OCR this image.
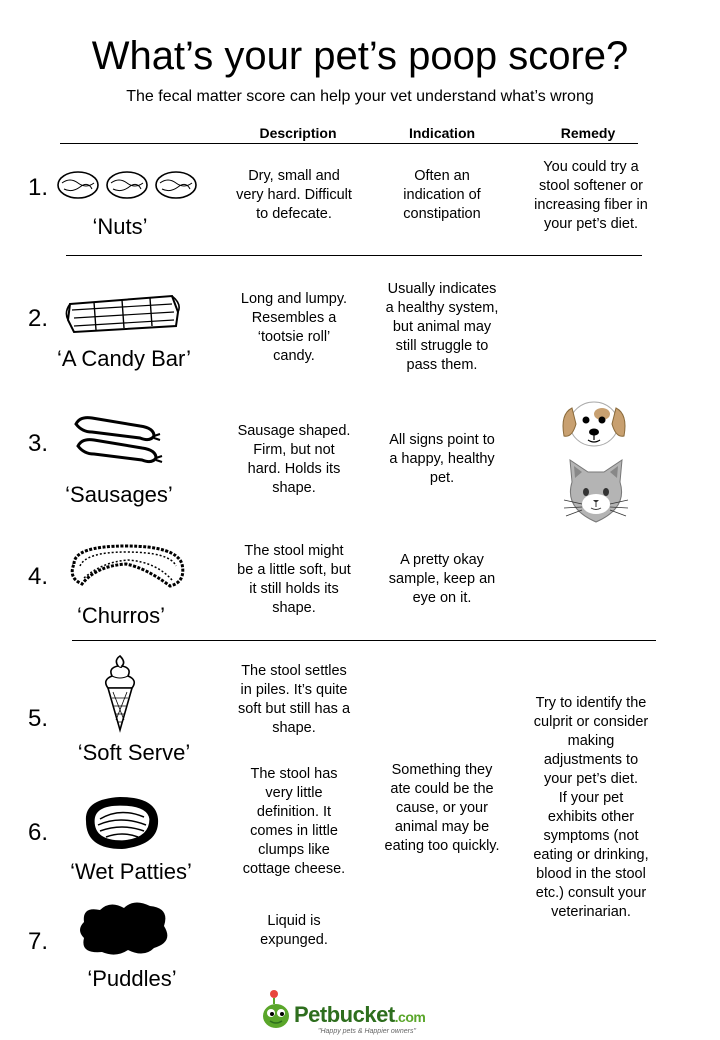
What’s your pet’s poop score?
The fecal matter score can help your vet understand what’s wrong
Description	Indication	Remedy
1.
‘Nuts’
Dry, small and
very hard. Difficult
to defecate.
Often an
indication of
constipation
You could try a
stool softener or
increasing fiber in
your pet’s diet.
2.
‘A Candy Bar’
Long and lumpy.
Resembles a
‘tootsie roll’
candy.
Usually indicates
a healthy system,
but animal may
still struggle to
pass them.
3.
‘Sausages’
Sausage shaped.
Firm, but not
hard. Holds its
shape.
All signs point to
a happy, healthy
pet.
4.
‘Churros’
The stool might
be a little soft, but
it still holds its
shape.
A pretty okay
sample, keep an
eye on it.
5.
‘Soft Serve’
The stool settles
in piles. It’s quite
soft but still has a
shape.
6.
‘Wet Patties’
The stool has
very little
definition. It
comes in little
clumps like
cottage cheese.
7.
‘Puddles’
Liquid is
expunged.
Something they
ate could be the
cause, or your
animal may be
eating too quickly.
Try to identify the
culprit or consider
making
adjustments to
your pet’s diet.
If your pet
exhibits other
symptoms (not
eating or drinking,
blood in the stool
etc.) consult your
veterinarian.
Petbucket.com
"Happy pets & Happier owners"
